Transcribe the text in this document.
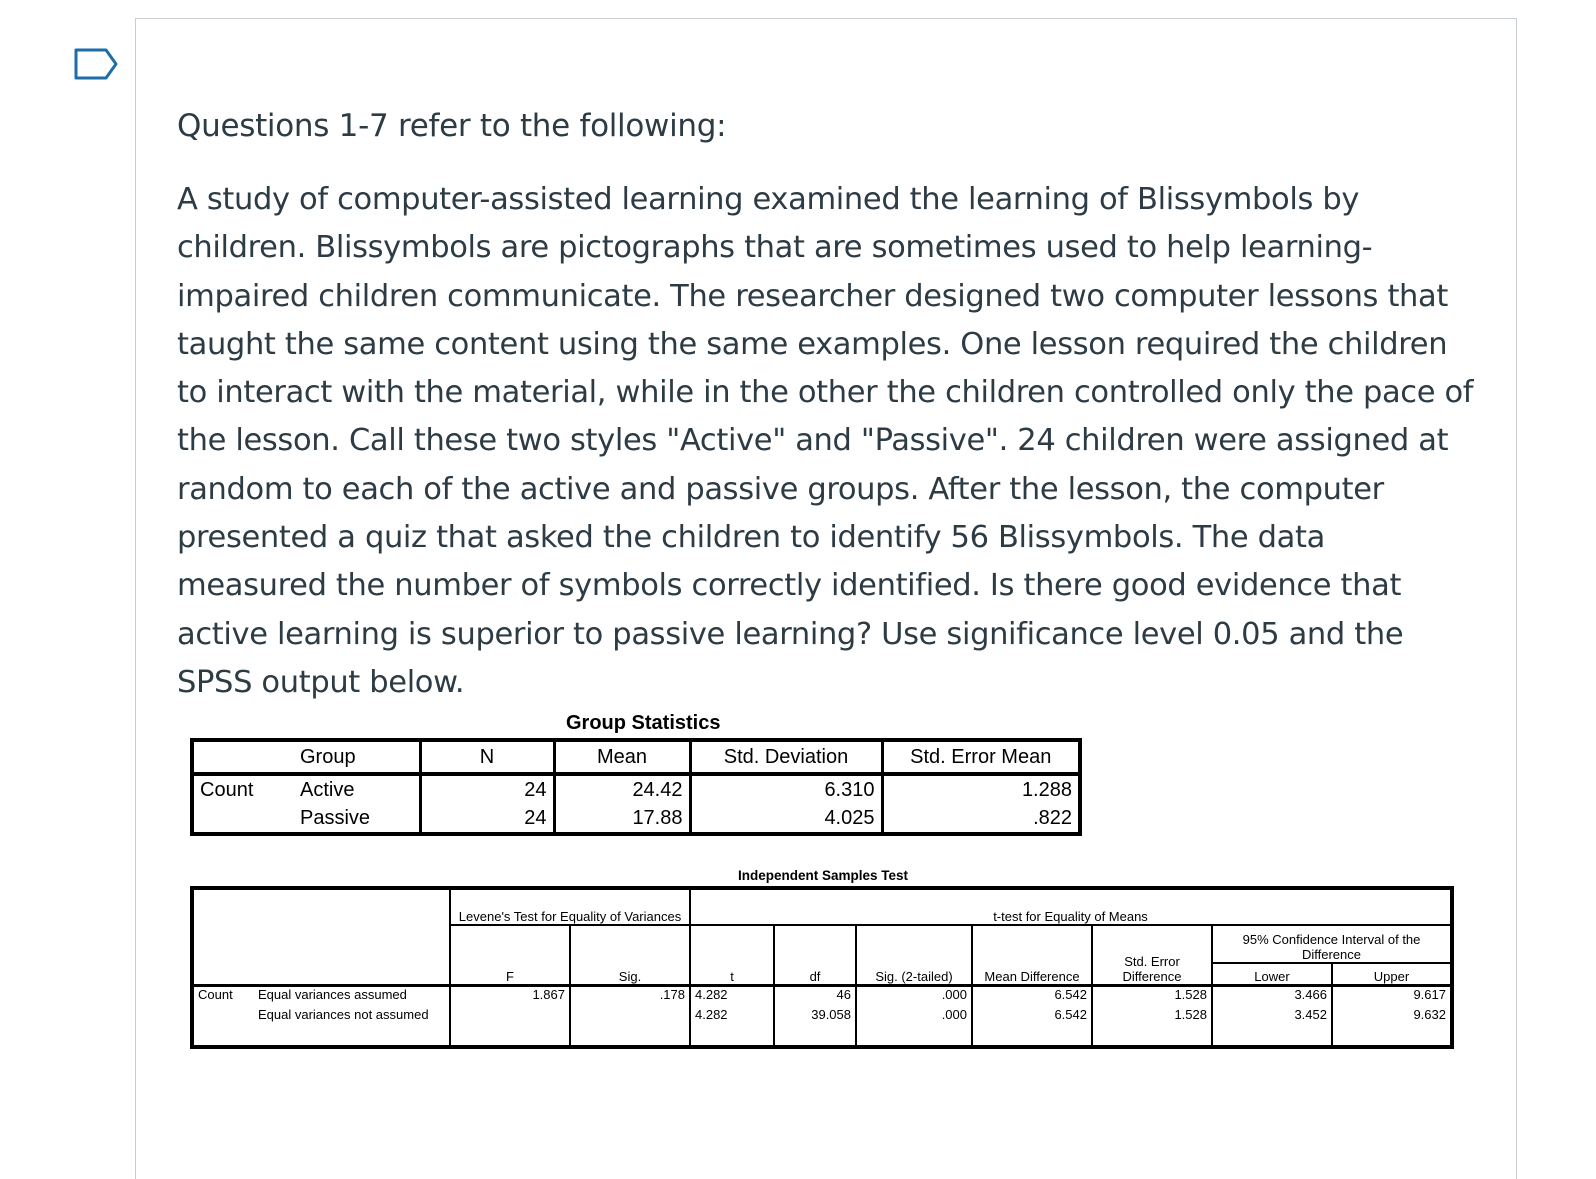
Questions 1-7 refer to the following:

A study of computer-assisted learning examined the learning of Blissymbols by children. Blissymbols are pictographs that are sometimes used to help learning-impaired children communicate. The researcher designed two computer lessons that taught the same content using the same examples. One lesson required the children to interact with the material, while in the other the children controlled only the pace of the lesson. Call these two styles "Active" and "Passive". 24 children were assigned at random to each of the active and passive groups. After the lesson, the computer presented a quiz that asked the children to identify 56 Blissymbols. The data measured the number of symbols correctly identified. Is there good evidence that active learning is superior to passive learning? Use significance level 0.05 and the SPSS output below.

Group Statistics
	Group	N	Mean	Std. Deviation	Std. Error Mean
Count	Active	24	24.42	6.310	1.288
	Passive	24	17.88	4.025	.822
Independent Samples Test
		Levene's Test for Equality of Variances		t-test for Equality of Means						
		F	Sig.	t	df	Sig. (2-tailed)	Mean Difference	Std. Error Difference	95% Confidence Interval of the Difference	
									Lower	Upper
Count	Equal variances assumed	1.867	.178	4.282	46	.000	6.542	1.528	3.466	9.617
	Equal variances not assumed			4.282	39.058	.000	6.542	1.528	3.452	9.632
